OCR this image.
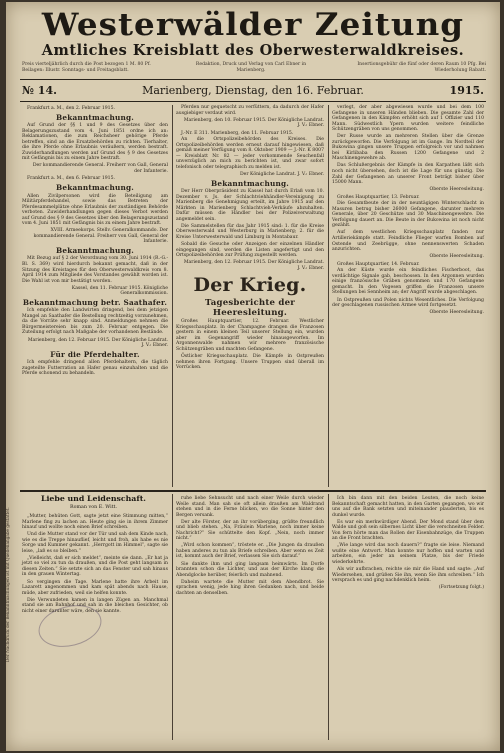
Westerwälder Zeitung
Amtliches Kreisblatt des Oberwesterwaldkreises.
Preis vierteljährlich durch die Post bezogen 1 M. 80 Pf. Beilagen: Illustr. Sonntags- und Freitagsblatt.
Redaktion, Druck und Verlag von Carl Ebner in Marienberg.
Insertionsgebühr die fünf oder deren Raum 10 Pfg. Bei Wiederholung Rabatt.
№ 14.	Marienberg, Dienstag, den 16. Februar.	1915.

Frankfurt a. M., den 2. Februar 1915.

Bekanntmachung.

Auf Grund der §§ 1 und 9 des Gesetzes über den Belagerungszustand vom 4. Juni 1851 ordne ich an: Reklamationen, die zum Reichsheer gehörige Pferde betreffen, sind an die Ersatzbehörden zu richten. Tierhalter, die ihre Pferde ohne Erlaubnis veräußern, werden bestraft. Zuwiderhandlungen werden auf Grund des § 9 des Gesetzes mit Gefängnis bis zu einem Jahre bestraft.

Der kommandierende General. Freiherr von Gall, General der Infanterie.

Frankfurt a. M., den 6. Februar 1915.

Bekanntmachung.

Allen Zivilpersonen wird die Beteiligung am Militärpferdehandel, sowie das Betreten der Pferdesammelplätze ohne Erlaubnis der zuständigen Behörde verboten. Zuwiderhandlungen gegen dieses Verbot werden auf Grund des § 9 des Gesetzes über den Belagerungszustand vom 4. Juni 1851 mit Gefängnis bis zu einem Jahre bestraft.

XVIII. Armeekorps. Stellv. Generalkommando. Der kommandierende General. Freiherr von Gall, General der Infanterie.

Bekanntmachung.

Mit Bezug auf § 2 der Verordnung vom 30. Juni 1914 (R.-G.-Bl. S. 369) wird hierdurch bekannt gemacht, daß in der Sitzung des Kreistages für den Oberwesterwaldkreis vom 8. April 1914 zum Mitgliede des Vorstandes gewählt worden ist. Die Wahl ist von mir bestätigt worden.

Kassel, den 11. Februar 1915. Königliche Generalkommission.

Bekanntmachung betr. Saathafer.

Ich empfehle den Landwirten dringend, bei dem jetzigen Mangel an Saathafer die Bestellung rechtzeitig vorzunehmen, da die Vorräte sehr knapp sind. Anmeldungen nehmen die Bürgermeistereien bis zum 20. Februar entgegen. Die Zuteilung erfolgt nach Maßgabe der vorhandenen Bestände.

Marienberg, den 12. Februar 1915. Der Königliche Landrat. J. V.: Ebner.

Für die Pferdehalter.

Ich empfehle dringend allen Pferdehaltern, die täglich zugeteilte Futterration an Hafer genau einzuhalten und die Pferde schonend zu behandeln.

Pferden nur gequetscht zu verfüttern, da dadurch der Hafer ausgiebiger verdaut wird.

Marienberg, den 10. Februar 1915. Der Königliche Landrat. J. V.: Ebner.

J.-Nr. E 311. Marienberg, den 11. Februar 1915.

An die Ortspolizeibehörden des Kreises. Die Ortspolizeibehörden werden erneut darauf hingewiesen, daß gemäß meiner Verfügung vom 8. Oktober 1909 — J.-Nr. K 8007 — Kreisblatt Nr. 82 — jeder vorkommende Seuchenfall unverzüglich an mich zu berichten ist, und zwar sofort telefonisch oder telegraphisch zu melden ist.

Der Königliche Landrat. J. V.: Ebner.

Bekanntmachung.

Der Herr Oberpräsident zu Kassel hat durch Erlaß vom 10. Dezember v. Js. der Schlachtviehhändler-Vereinigung zu Marienberg die Genehmigung erteilt, im Jahre 1915 auf den Märkten in Marienberg Schlachtvieh-Verkäufe abzuhalten. Dafür müssen die Händler bei der Polizeiverwaltung angemeldet sein.

Die Sammelstellen für das Jahr 1915 sind: 1. für die Kreise Oberwesterwald und Westerburg in Marienberg; 2. für die Kreise Unterwesterwald und Limburg in Montabaur.

Sobald die Gesuche oder Anzeigen der einzelnen Händler eingegangen sind, werden die Listen angefertigt und den Ortspolizeibehörden zur Prüfung zugestellt werden.

Marienberg, den 12. Februar 1915. Der Königliche Landrat. J. V.: Ebner.

Der Krieg.
Tagesberichte der Heeresleitung.

Großes Hauptquartier, 12. Februar. Westlicher Kriegsschauplatz. In der Champagne drangen die Franzosen gestern in einem kleinen Teil unserer Stellung ein, wurden aber im Gegenangriff wieder hinausgeworfen. Im Argonnenwalde nahmen wir mehrere französische Schützengräben und machten Gefangene.

Östlicher Kriegsschauplatz. Die Kämpfe in Ostpreußen nehmen ihren Fortgang. Unsere Truppen sind überall im Vorrücken.

verlegt, der aber abgewiesen wurde und bei dem 100 Gefangene in unseren Händen blieben. Die gesamte Zahl der Gefangenen in den Kämpfen erhöht sich auf 1 Offizier und 110 Mann. Südwestlich Ypern wurden weitere feindliche Schützengräben von uns genommen.

Der Russe wurde an mehreren Stellen über die Grenze zurückgeworfen. Die Verfolgung ist im Gange. Im Nordteil der Bukowina gingen unsere Truppen erfolgreich vor und nahmen bei Kirlibaba den Russen 1200 Gefangene und 2 Maschinengewehre ab.

Das Schlußergebnis der Kämpfe in den Karpathen läßt sich noch nicht übersehen, doch ist die Lage für uns günstig. Die Zahl der Gefangenen an unserer Front beträgt bisher über 15000 Mann.

Oberste Heeresleitung.

Großes Hauptquartier, 13. Februar.

Die Gesamtbeute der in der neuntägigen Winterschlacht in Masuren betrug bisher 26000 Gefangene, darunter mehrere Generale, über 20 Geschütze und 30 Maschinengewehre. Die Verfolgung dauert an. Die Beute in der Bukowina ist noch nicht gezählt.

Auf dem westlichen Kriegsschauplatz fanden nur Artilleriekämpfe statt. Feindliche Flieger warfen Bomben auf Ostende und Zeebrügge, ohne nennenswerten Schaden anzurichten.

Oberste Heeresleitung.

Großes Hauptquartier, 14. Februar.

An der Küste wurde ein feindliches Fischerboot, das verdächtige Signale gab, beschossen. In den Argonnen wurden einige französische Gräben genommen und 170 Gefangene gemacht. In den Vogesen griffen die Franzosen unsere Stellungen bei Sennheim an; der Angriff wurde abgeschlagen.

In Ostpreußen und Polen nichts Wesentliches. Die Verfolgung der geschlagenen russischen Armee wird fortgesetzt.

Oberste Heeresleitung.

Liebe und Leidenschaft.
Roman von E. Witt.

„Mutter, behüten Gott, sagte jetzt eine Stimmung mitten,“ Marlene fing zu lachen an. Heute ging sie in ihrem Zimmer hinauf und wollte noch einen Brief schreiben.

Und die Mutter stand vor der Tür und sah dem Kinde nach, wie es die Treppe hinauflief, leicht und froh, als habe es nie Sorge und Kummer gekannt. „Herrgott im Himmel“, sagte sie leise, „laß es so bleiben.“

„Vielleicht, daß er sich meldet“, meinte sie dann. „Er hat ja jetzt so viel zu tun da draußen, und die Post geht langsam in diesen Zeiten.“ Sie setzte sich an das Fenster und sah hinaus in den grauen Wintertag.

So vergingen die Tage. Marlene hatte ihre Arbeit im Lazarett angenommen und kam spät abends nach Hause, müde, aber zufrieden, weil sie helfen konnte.

Die Verwundeten kamen in langen Zügen an. Manchmal stand sie am Bahnhof und sah in die bleichen Gesichter, ob nicht einer darunter wäre, den sie kannte.

ruhe liebe Sehnsucht und nach einer Weile durch wieder Weile stand. Man sah sie oft allein draußen am Waldrand stehen und in die Ferne blicken, wo die Sonne hinter den Bergen versank.

Der alte Förster, der an ihr vorüberging, grüßte freundlich und blieb stehen. „Na, Fräulein Marlene, noch immer keine Nachricht?“ Sie schüttelte den Kopf. „Nein, noch immer nicht.“

„Wird schon kommen“, tröstete er. „Die Jungen da draußen haben anderes zu tun als Briefe schreiben. Aber wenn es Zeit ist, kommt auch der Brief, verlassen Sie sich darauf.“

Sie dankte ihm und ging langsam heimwärts. Im Dorfe brannten schon die Lichter, und aus der Kirche klang die Abendglocke herüber, feierlich und mahnend.

Daheim wartete die Mutter mit dem Abendbrot. Sie sprachen wenig, jede hing ihren Gedanken nach, und beide dachten an denselben.

Ich bin dann mit den beiden Leuten, die noch keine Bekanntschaft gemacht hatten, in den Garten gegangen, wo wir uns auf die Bank setzten und miteinander plauderten, bis es dunkel wurde.

Es war ein merkwürdiger Abend. Der Mond stand über dem Walde und goß sein silbernes Licht über die verschneiten Felder. Von fern hörte man das Rollen der Eisenbahnzüge, die Truppen an die Front brachten.

„Wie lange wird das noch dauern?“ fragte sie leise. Niemand wußte eine Antwort. Man konnte nur hoffen und warten und arbeiten, ein jeder an seinem Platze, bis der Friede wiederkehrte.

Als wir aufbrachen, reichte sie mir die Hand und sagte: „Auf Wiedersehen, und grüßen Sie ihn, wenn Sie ihm schreiben.“ Ich versprach es und ging nachdenklich heim.

(Fortsetzung folgt.)

Der Nachdruck der Bekanntmachungen ist mit Quellenangabe gestattet.
